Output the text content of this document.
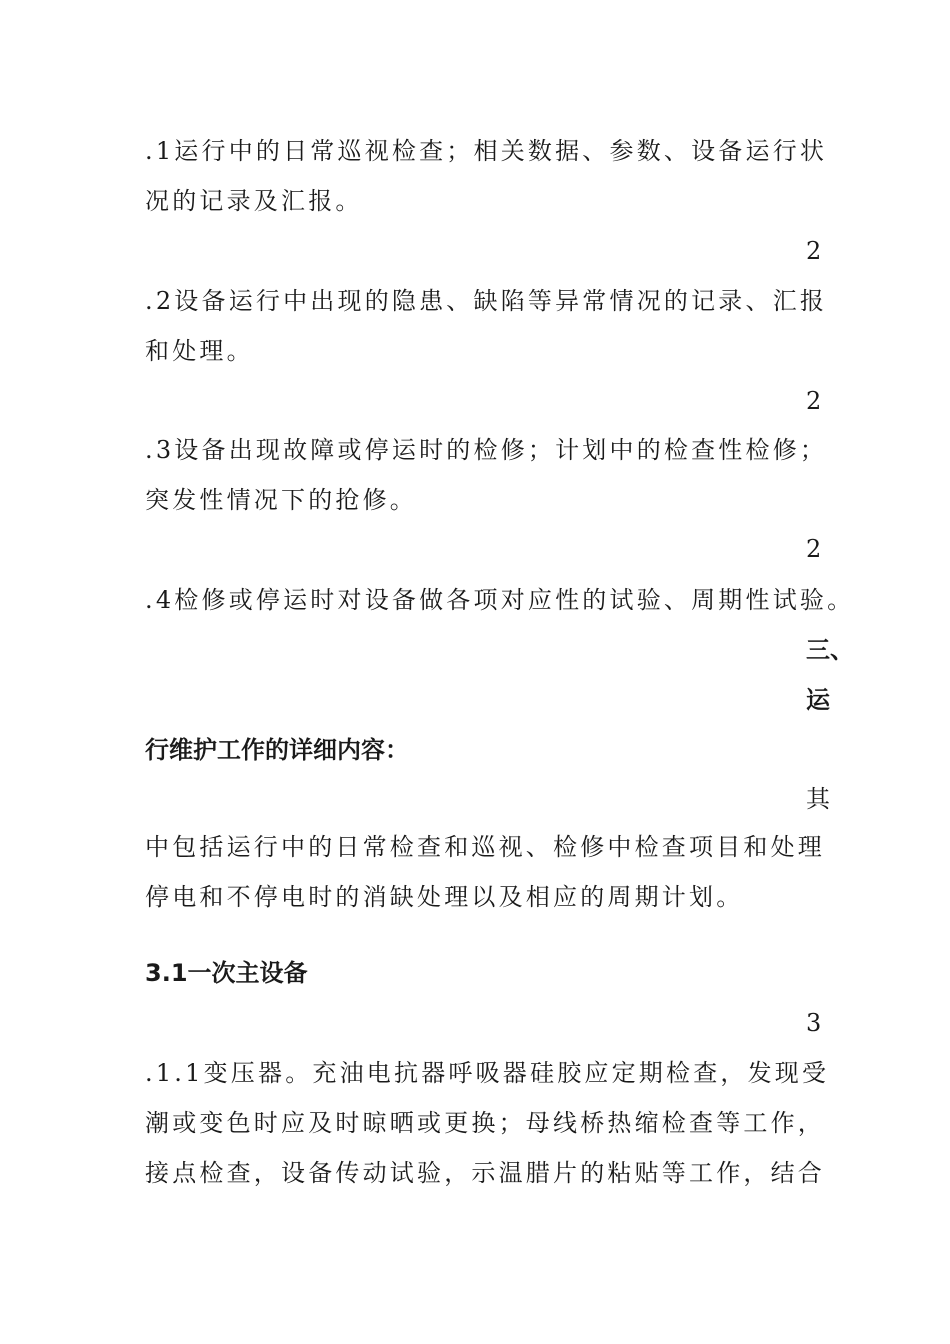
.1运行中的日常巡视检查；相关数据、参数、设备运行状
况的记录及汇报。
2
.2设备运行中出现的隐患、缺陷等异常情况的记录、汇报
和处理。
2
.3设备出现故障或停运时的检修；计划中的检查性检修；
突发性情况下的抢修。
2
.4检修或停运时对设备做各项对应性的试验、周期性试验。
三、
运
行维护工作的详细内容：
其
中包括运行中的日常检查和巡视、检修中检查项目和处理
停电和不停电时的消缺处理以及相应的周期计划。
3.1一次主设备
3
.1.1变压器。充油电抗器呼吸器硅胶应定期检查，发现受
潮或变色时应及时晾晒或更换；母线桥热缩检查等工作，
接点检查，设备传动试验，示温腊片的粘贴等工作，结合
